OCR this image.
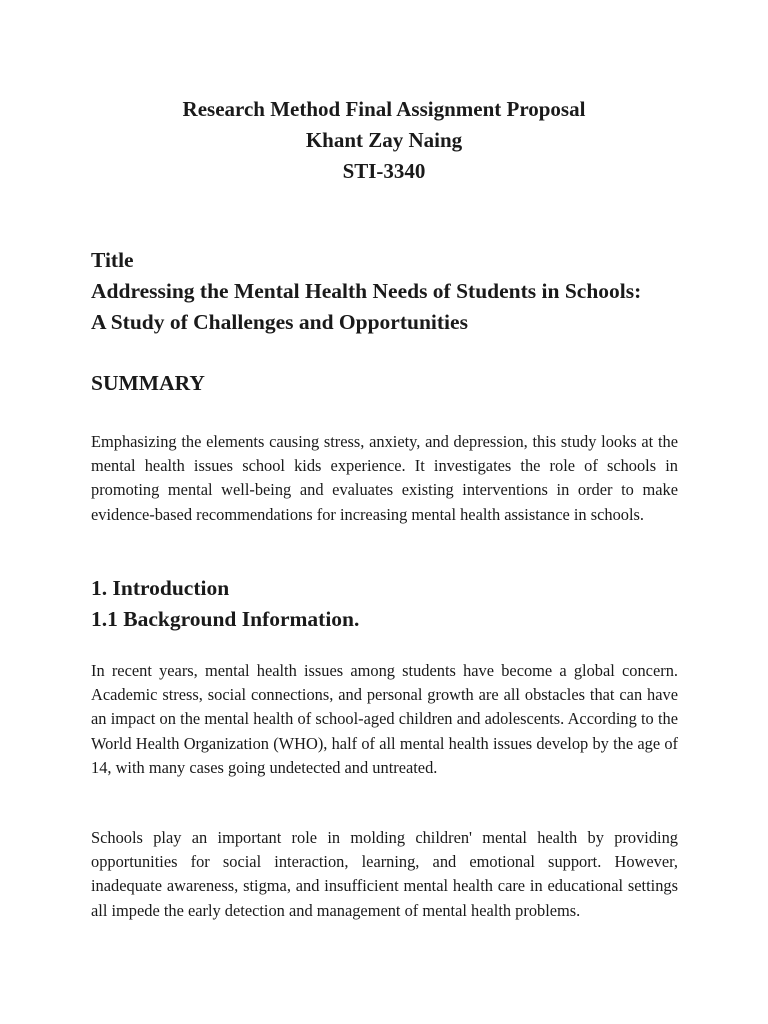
Research Method Final Assignment Proposal
Khant Zay Naing
STI-3340

Title

Addressing the Mental Health Needs of Students in Schools:

A Study of Challenges and Opportunities

SUMMARY

Emphasizing the elements causing stress, anxiety, and depression, this study looks at the mental health issues school kids experience. It investigates the role of schools in promoting mental well-being and evaluates existing interventions in order to make evidence-based recommendations for increasing mental health assistance in schools.

1. Introduction

1.1 Background Information.

In recent years, mental health issues among students have become a global concern. Academic stress, social connections, and personal growth are all obstacles that can have an impact on the mental health of school-aged children and adolescents. According to the World Health Organization (WHO), half of all mental health issues develop by the age of 14, with many cases going undetected and untreated.

Schools play an important role in molding children' mental health by providing opportunities for social interaction, learning, and emotional support. However, inadequate awareness, stigma, and insufficient mental health care in educational settings all impede the early detection and management of mental health problems.
